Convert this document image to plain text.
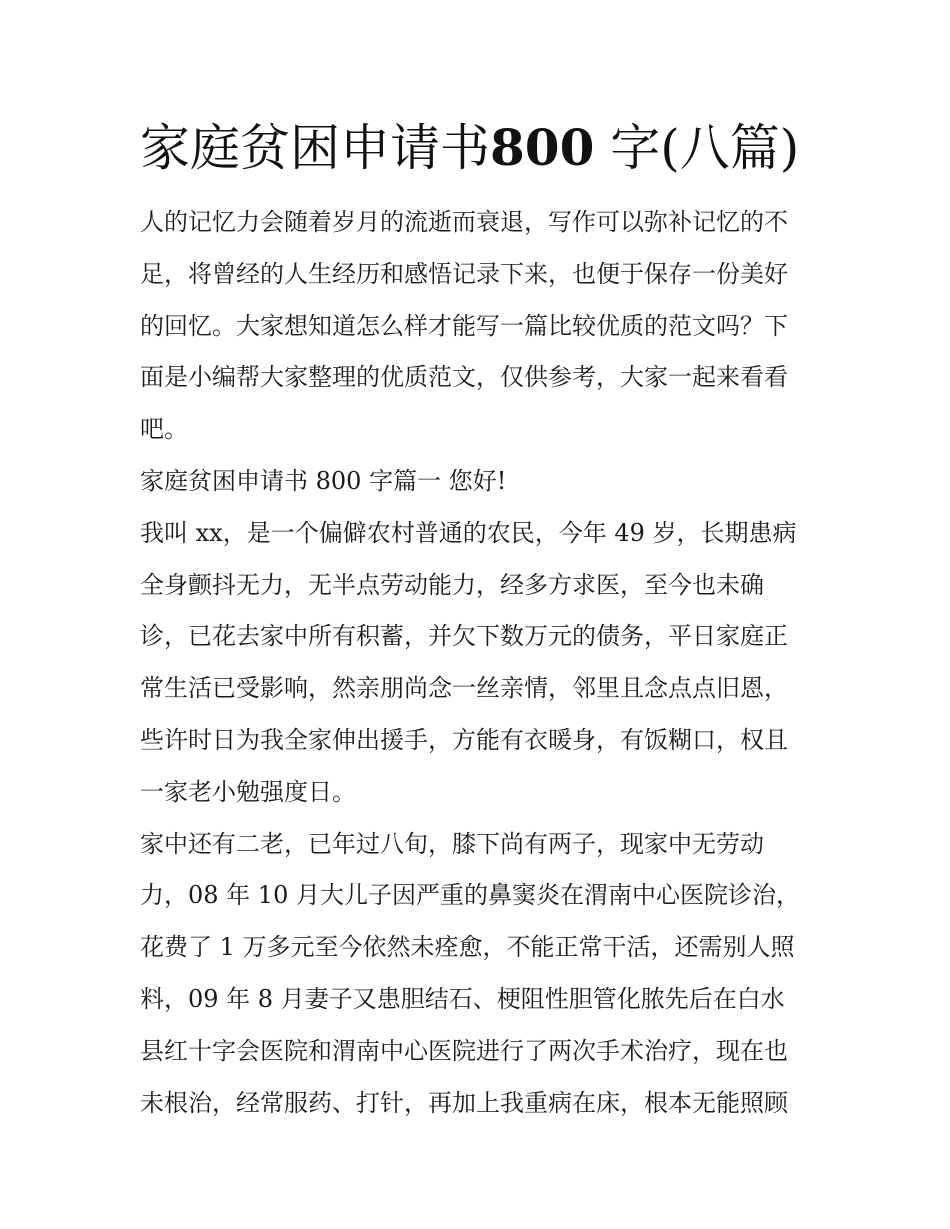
家庭贫困申请书800 字(八篇)
人的记忆力会随着岁月的流逝而衰退，写作可以弥补记忆的不
足，将曾经的人生经历和感悟记录下来，也便于保存一份美好
的回忆。大家想知道怎么样才能写一篇比较优质的范文吗？下
面是小编帮大家整理的优质范文，仅供参考，大家一起来看看
吧。
家庭贫困申请书 800 字篇一 您好!
我叫 xx，是一个偏僻农村普通的农民，今年 49 岁，长期患病
全身颤抖无力，无半点劳动能力，经多方求医，至今也未确
诊，已花去家中所有积蓄，并欠下数万元的债务，平日家庭正
常生活已受影响，然亲朋尚念一丝亲情，邻里且念点点旧恩，
些许时日为我全家伸出援手，方能有衣暖身，有饭糊口，权且
一家老小勉强度日。
家中还有二老，已年过八旬，膝下尚有两子，现家中无劳动
力，08 年 10 月大儿子因严重的鼻窦炎在渭南中心医院诊治，
花费了 1 万多元至今依然未痊愈，不能正常干活，还需别人照
料，09 年 8 月妻子又患胆结石、梗阻性胆管化脓先后在白水
县红十字会医院和渭南中心医院进行了两次手术治疗，现在也
未根治，经常服药、打针，再加上我重病在床，根本无能照顾
